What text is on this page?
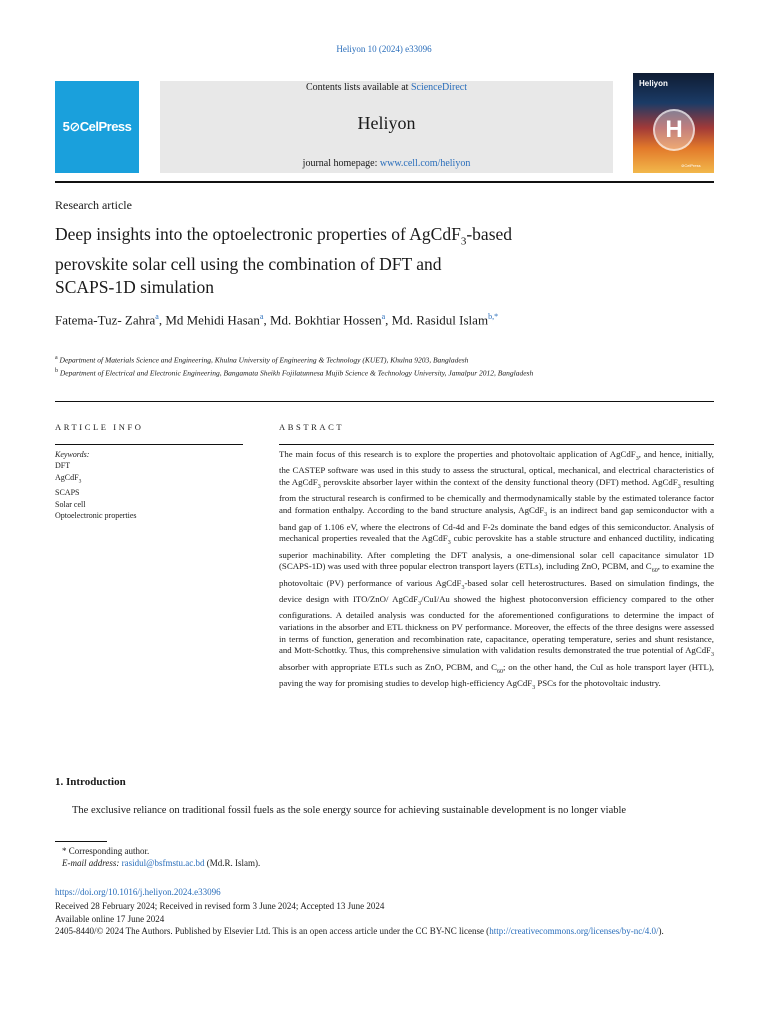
Heliyon 10 (2024) e33096
5⊘CelPress
Contents lists available at ScienceDirect
Heliyon
journal homepage: www.cell.com/heliyon
Heliyon
H
⊘CelPress
Research article
Deep insights into the optoelectronic properties of AgCdF$_3$-based
perovskite solar cell using the combination of DFT and
SCAPS-1D simulation
Fatema-Tuz- Zahra$^a$, Md Mehidi Hasan$^a$, Md. Bokhtiar Hossen$^a$, Md. Rasidul Islam$^{b,*}$
$^a$ Department of Materials Science and Engineering, Khulna University of Engineering & Technology (KUET), Khulna 9203, Bangladesh
$^b$ Department of Electrical and Electronic Engineering, Bangamata Sheikh Fojilatunnesa Mujib Science & Technology University, Jamalpur 2012, Bangladesh
ARTICLE INFO
Keywords:
DFT
AgCdF$_3$
SCAPS
Solar cell
Optoelectronic properties
ABSTRACT
The main focus of this research is to explore the properties and photovoltaic application of AgCdF$_3$, and hence, initially, the CASTEP software was used in this study to assess the structural, optical, mechanical, and electrical characteristics of the AgCdF$_3$ perovskite absorber layer within the context of the density functional theory (DFT) method. AgCdF$_3$ resulting from the structural research is confirmed to be chemically and thermodynamically stable by the estimated tolerance factor and formation enthalpy. According to the band structure analysis, AgCdF$_3$ is an indirect band gap semiconductor with a band gap of 1.106 eV, where the electrons of Cd-4d and F-2s dominate the band edges of this semiconductor. Analysis of mechanical properties revealed that the AgCdF$_3$ cubic perovskite has a stable structure and enhanced ductility, indicating superior machinability. After completing the DFT analysis, a one-dimensional solar cell capacitance simulator 1D (SCAPS-1D) was used with three popular electron transport layers (ETLs), including ZnO, PCBM, and $C_{60}$, to examine the photovoltaic (PV) performance of various AgCdF$_3$-based solar cell heterostructures. Based on simulation findings, the device design with ITO/ZnO/ AgCdF$_3$/CuI/Au showed the highest photoconversion efficiency compared to the other configurations. A detailed analysis was conducted for the aforementioned configurations to determine the impact of variations in the absorber and ETL thickness on PV performance. Moreover, the effects of the three designs were assessed in terms of function, generation and recombination rate, capacitance, operating temperature, series and shunt resistance, and Mott-Schottky. Thus, this comprehensive simulation with validation results demonstrated the true potential of AgCdF$_3$ absorber with appropriate ETLs such as ZnO, PCBM, and $C_{60}$; on the other hand, the CuI as hole transport layer (HTL), paving the way for promising studies to develop high-efficiency AgCdF$_3$ PSCs for the photovoltaic industry.
1. Introduction
The exclusive reliance on traditional fossil fuels as the sole energy source for achieving sustainable development is no longer viable
* Corresponding author.
E-mail address: rasidul@bsfmstu.ac.bd (Md.R. Islam).
https://doi.org/10.1016/j.heliyon.2024.e33096
Received 28 February 2024; Received in revised form 3 June 2024; Accepted 13 June 2024
Available online 17 June 2024
2405-8440/© 2024 The Authors. Published by Elsevier Ltd. This is an open access article under the CC BY-NC license (http://creativecommons.org/licenses/by-nc/4.0/).
